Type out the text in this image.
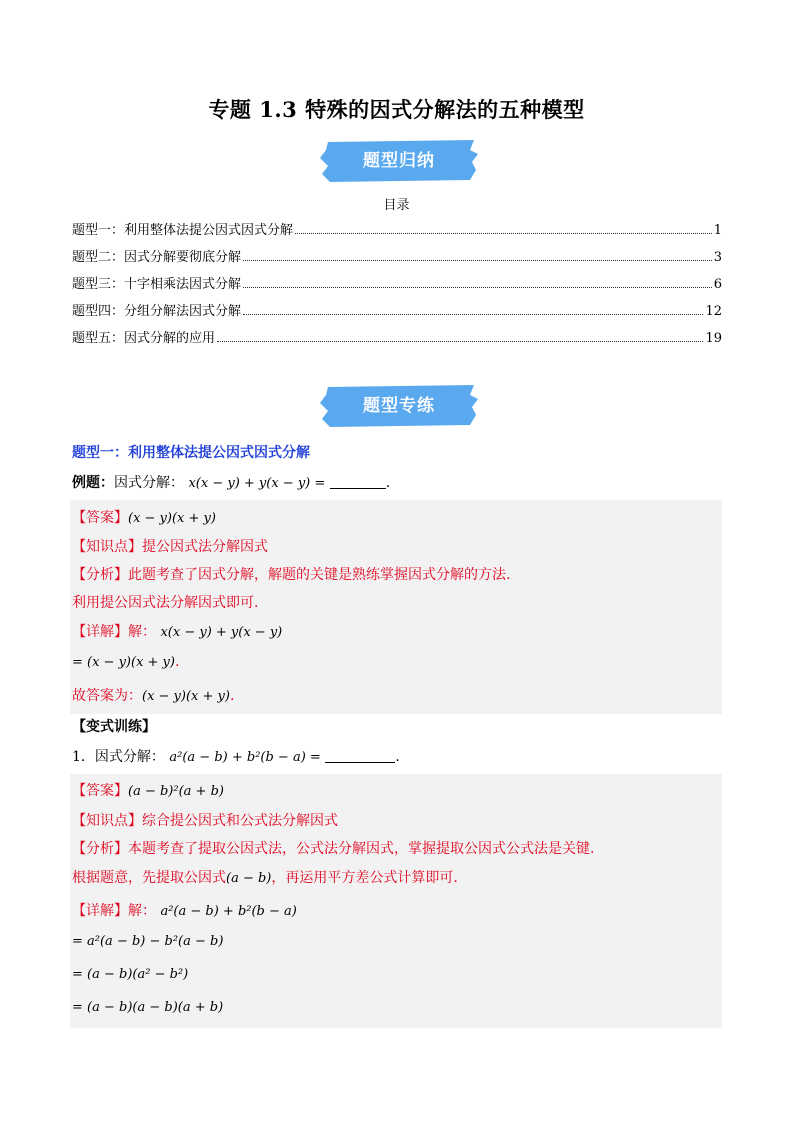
专题 1.3 特殊的因式分解法的五种模型
题型归纳
目录
题型一：利用整体法提公因式因式分解	1
题型二：因式分解要彻底分解	3
题型三：十字相乘法因式分解	6
题型四：分组分解法因式分解	12
题型五：因式分解的应用	19
题型专练
题型一：利用整体法提公因式因式分解
例题：因式分解： x(x − y) + y(x − y) =	.
【答案】(x − y)(x + y)
【知识点】提公因式法分解因式
【分析】此题考查了因式分解，解题的关键是熟练掌握因式分解的方法.
利用提公因式法分解因式即可.
【详解】解： x(x − y) + y(x − y)
= (x − y)(x + y).
故答案为：(x − y)(x + y).
【变式训练】
1．因式分解： a²(a − b) + b²(b − a) =	.
【答案】(a − b)²(a + b)
【知识点】综合提公因式和公式法分解因式
【分析】本题考查了提取公因式法，公式法分解因式，掌握提取公因式公式法是关键.
根据题意，先提取公因式(a − b)，再运用平方差公式计算即可.
【详解】解： a²(a − b) + b²(b − a)
= a²(a − b) − b²(a − b)
= (a − b)(a² − b²)
= (a − b)(a − b)(a + b)
